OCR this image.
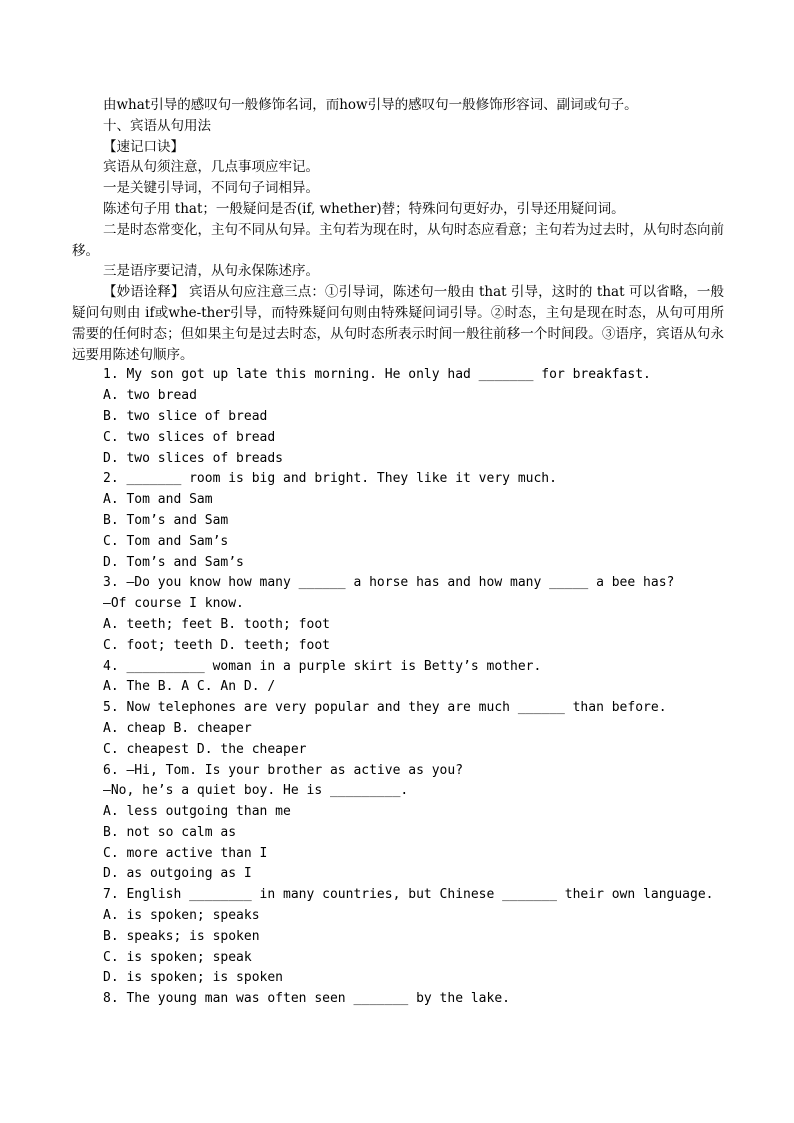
由what引导的感叹句一般修饰名词，而how引导的感叹句一般修饰形容词、副词或句子。
十、宾语从句用法
【速记口诀】
宾语从句须注意，几点事项应牢记。
一是关键引导词，不同句子词相异。
陈述句子用 that；一般疑问是否(if, whether)替；特殊问句更好办，引导还用疑问词。
二是时态常变化，主句不同从句异。主句若为现在时，从句时态应看意；主句若为过去时，从句时态向前移。
三是语序要记清，从句永保陈述序。
【妙语诠释】 宾语从句应注意三点：①引导词，陈述句一般由 that 引导，这时的 that 可以省略，一般疑问句则由 if或whe-ther引导，而特殊疑问句则由特殊疑问词引导。②时态，主句是现在时态，从句可用所需要的任何时态；但如果主句是过去时态，从句时态所表示时间一般往前移一个时间段。③语序，宾语从句永远要用陈述句顺序。
1. My son got up late this morning. He only had _______ for breakfast.
A. two bread
B. two slice of bread
C. two slices of bread
D. two slices of breads
2. _______ room is big and bright. They like it very much.
A. Tom and Sam
B. Tom’s and Sam
C. Tom and Sam’s
D. Tom’s and Sam’s
3. —Do you know how many ______ a horse has and how many _____ a bee has?
—Of course I know.
A. teeth; feet B. tooth; foot
C. foot; teeth D. teeth; foot
4. __________ woman in a purple skirt is Betty’s mother.
A. The B. A C. An D. /
5. Now telephones are very popular and they are much ______ than before.
A. cheap B. cheaper
C. cheapest D. the cheaper
6. —Hi, Tom. Is your brother as active as you?
—No, he’s a quiet boy. He is _________.
A. less outgoing than me
B. not so calm as
C. more active than I
D. as outgoing as I
7. English ________ in many countries, but Chinese _______ their own language.
A. is spoken; speaks
B. speaks; is spoken
C. is spoken; speak
D. is spoken; is spoken
8. The young man was often seen _______ by the lake.
